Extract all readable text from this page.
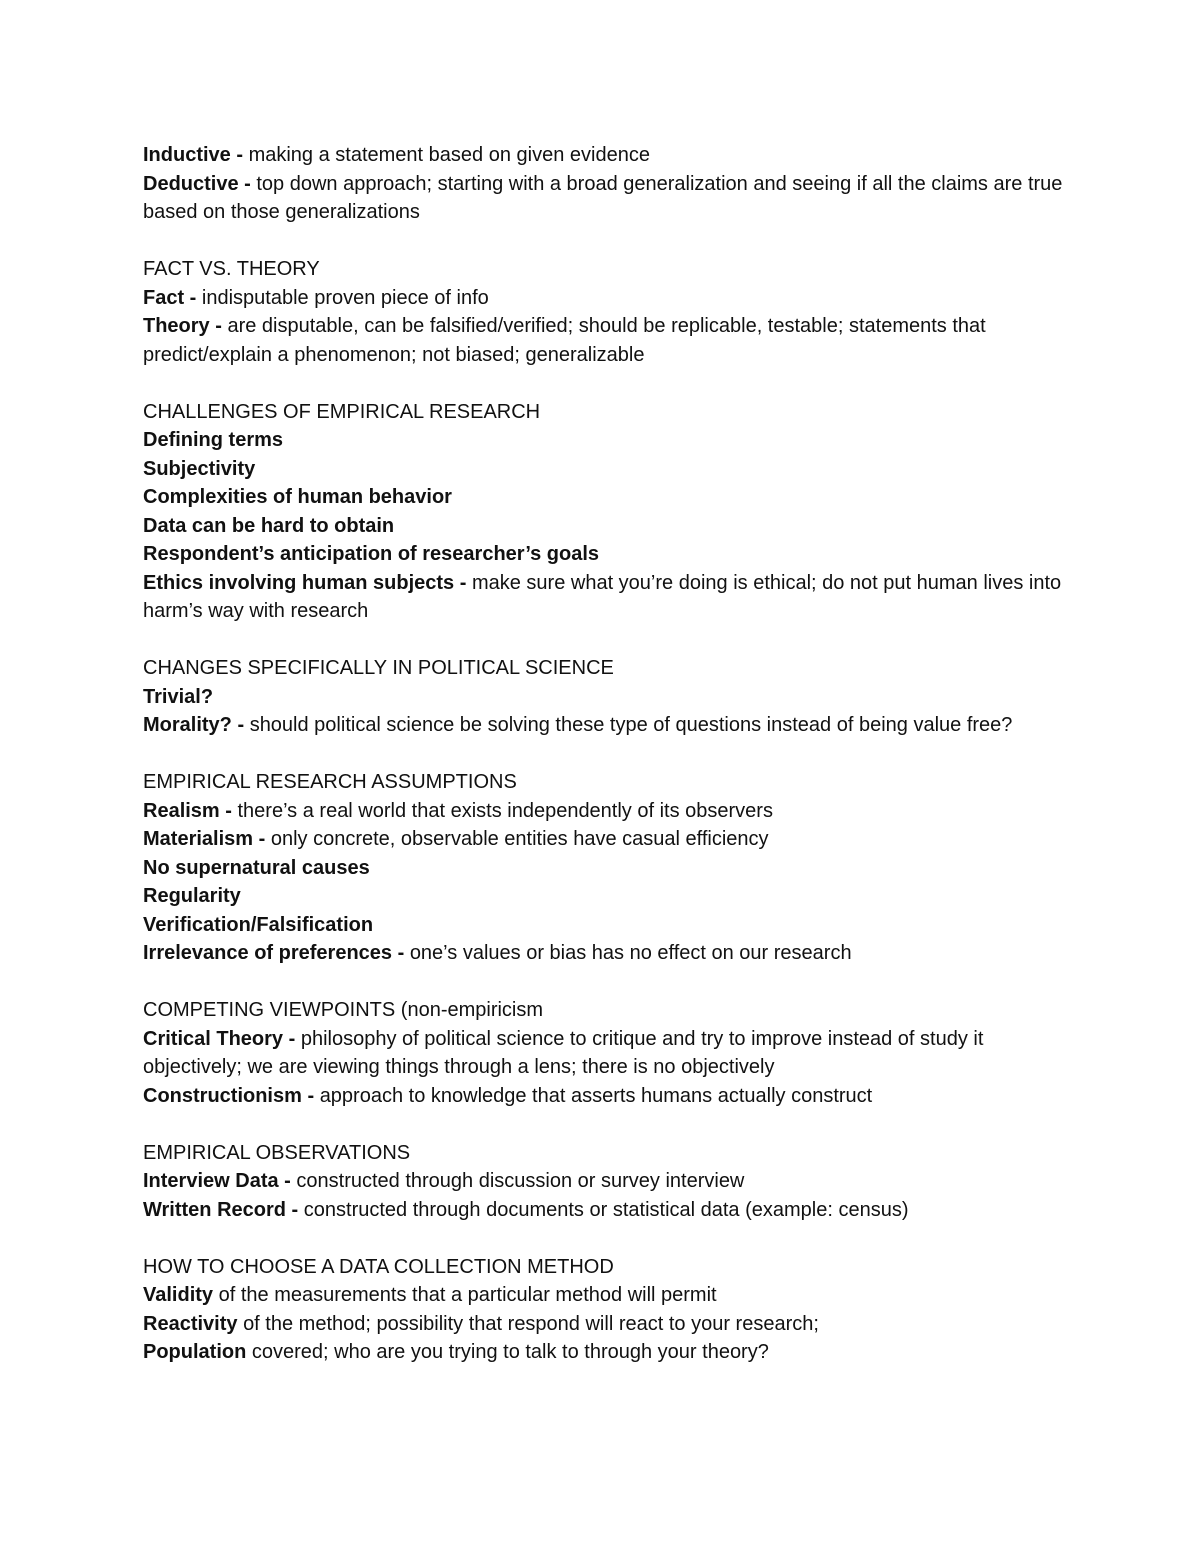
Inductive - making a statement based on given evidence

Deductive - top down approach; starting with a broad generalization and seeing if all the claims are true based on those generalizations

FACT VS. THEORY

Fact - indisputable proven piece of info

Theory - are disputable, can be falsified/verified; should be replicable, testable; statements that predict/explain a phenomenon; not biased; generalizable

CHALLENGES OF EMPIRICAL RESEARCH

Defining terms

Subjectivity

Complexities of human behavior

Data can be hard to obtain

Respondent’s anticipation of researcher’s goals

Ethics involving human subjects - make sure what you’re doing is ethical; do not put human lives into harm’s way with research

CHANGES SPECIFICALLY IN POLITICAL SCIENCE

Trivial?

Morality? - should political science be solving these type of questions instead of being value free?

EMPIRICAL RESEARCH ASSUMPTIONS

Realism - there’s a real world that exists independently of its observers

Materialism - only concrete, observable entities have casual efficiency

No supernatural causes

Regularity

Verification/Falsification

Irrelevance of preferences - one’s values or bias has no effect on our research

COMPETING VIEWPOINTS (non-empiricism

Critical Theory - philosophy of political science to critique and try to improve instead of study it objectively; we are viewing things through a lens; there is no objectively

Constructionism - approach to knowledge that asserts humans actually construct

EMPIRICAL OBSERVATIONS

Interview Data - constructed through discussion or survey interview

Written Record - constructed through documents or statistical data (example: census)

HOW TO CHOOSE A DATA COLLECTION METHOD

Validity of the measurements that a particular method will permit

Reactivity of the method; possibility that respond will react to your research;

Population covered; who are you trying to talk to through your theory?
